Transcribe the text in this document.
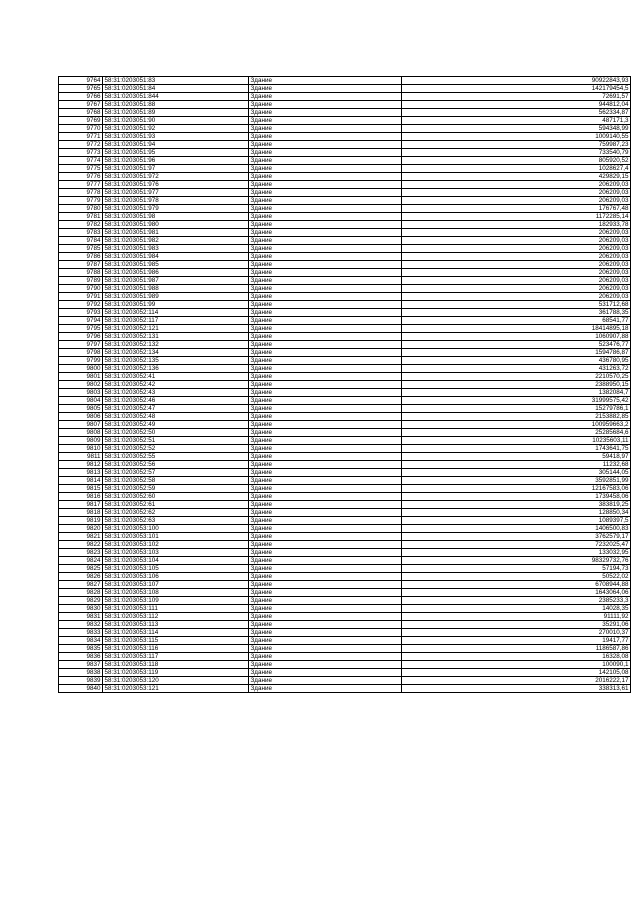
9764	58:31:0203051:83	Здание	90922843,93
9765	58:31:0203051:84	Здание	142179454,5
9766	58:31:0203051:844	Здание	72691,57
9767	58:31:0203051:88	Здание	944812,04
9768	58:31:0203051:89	Здание	562334,87
9769	58:31:0203051:90	Здание	487171,3
9770	58:31:0203051:92	Здание	594348,99
9771	58:31:0203051:93	Здание	1009140,55
9772	58:31:0203051:94	Здание	759987,23
9773	58:31:0203051:95	Здание	733540,79
9774	58:31:0203051:96	Здание	805920,52
9775	58:31:0203051:97	Здание	1028627,4
9776	58:31:0203051:972	Здание	429829,15
9777	58:31:0203051:976	Здание	206209,03
9778	58:31:0203051:977	Здание	206209,03
9779	58:31:0203051:978	Здание	206209,03
9780	58:31:0203051:979	Здание	176767,48
9781	58:31:0203051:98	Здание	1172285,14
9782	58:31:0203051:980	Здание	182933,78
9783	58:31:0203051:981	Здание	206209,03
9784	58:31:0203051:982	Здание	206209,03
9785	58:31:0203051:983	Здание	206209,03
9786	58:31:0203051:984	Здание	206209,03
9787	58:31:0203051:985	Здание	206209,03
9788	58:31:0203051:986	Здание	206209,03
9789	58:31:0203051:987	Здание	206209,03
9790	58:31:0203051:988	Здание	206209,03
9791	58:31:0203051:989	Здание	206209,03
9792	58:31:0203051:99	Здание	531712,68
9793	58:31:0203052:114	Здание	361788,35
9794	58:31:0203052:117	Здание	68541,77
9795	58:31:0203052:121	Здание	18414895,18
9796	58:31:0203052:131	Здание	1060907,88
9797	58:31:0203052:132	Здание	523476,77
9798	58:31:0203052:134	Здание	1594786,87
9799	58:31:0203052:135	Здание	436780,95
9800	58:31:0203052:136	Здание	431263,72
9801	58:31:0203052:41	Здание	2210570,25
9802	58:31:0203052:42	Здание	2388950,15
9803	58:31:0203052:43	Здание	1382084,7
9804	58:31:0203052:46	Здание	31999575,42
9805	58:31:0203052:47	Здание	15279786,1
9806	58:31:0203052:48	Здание	2153882,85
9807	58:31:0203052:49	Здание	100959663,2
9808	58:31:0203052:50	Здание	25285684,6
9809	58:31:0203052:51	Здание	10235603,11
9810	58:31:0203052:52	Здание	1743641,75
9811	58:31:0203052:55	Здание	59418,97
9812	58:31:0203052:56	Здание	11232,68
9813	58:31:0203052:57	Здание	305144,05
9814	58:31:0203052:58	Здание	3592851,99
9815	58:31:0203052:59	Здание	12167583,06
9816	58:31:0203052:60	Здание	1739458,06
9817	58:31:0203052:61	Здание	383819,25
9818	58:31:0203052:62	Здание	128850,34
9819	58:31:0203052:63	Здание	1089397,5
9820	58:31:0203053:100	Здание	1406500,83
9821	58:31:0203053:101	Здание	3762579,17
9822	58:31:0203053:102	Здание	7232025,47
9823	58:31:0203053:103	Здание	133032,95
9824	58:31:0203053:104	Здание	98329732,76
9825	58:31:0203053:105	Здание	57194,73
9826	58:31:0203053:106	Здание	50522,02
9827	58:31:0203053:107	Здание	6708944,88
9828	58:31:0203053:108	Здание	1643064,06
9829	58:31:0203053:109	Здание	2385233,3
9830	58:31:0203053:111	Здание	14028,35
9831	58:31:0203053:112	Здание	91111,92
9832	58:31:0203053:113	Здание	35291,06
9833	58:31:0203053:114	Здание	270010,37
9834	58:31:0203053:115	Здание	19417,77
9835	58:31:0203053:116	Здание	1186587,86
9836	58:31:0203053:117	Здание	16328,08
9837	58:31:0203053:118	Здание	100090,1
9838	58:31:0203053:119	Здание	142105,08
9839	58:31:0203053:120	Здание	2016222,17
9840	58:31:0203053:121	Здание	338313,61
